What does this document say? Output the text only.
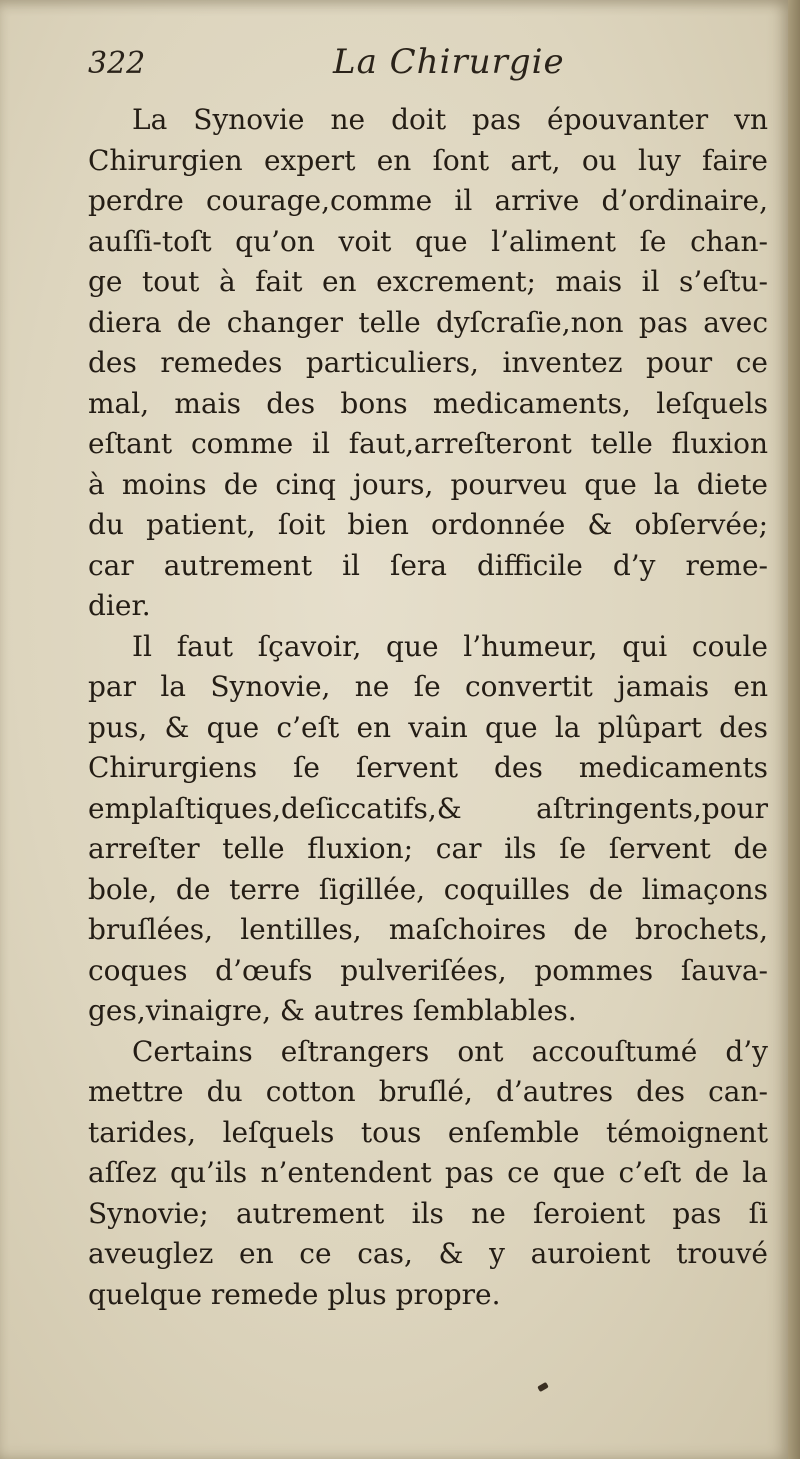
322	La Chirurgie
La Synovie ne doit pas épouvanter vn
Chirurgien expert en ſont art, ou luy faire
perdre courage,comme il arrive d’ordinaire,
auſſi-toſt qu’on voit que l’aliment ſe chan-
ge tout à fait en excrement; mais il s’eſtu-
diera de changer telle dyſcraſie,non pas avec
des remedes particuliers, inventez pour ce
mal, mais des bons medicaments, leſquels
eſtant comme il faut,arreſteront telle fluxion
à moins de cinq jours, pourveu que la diete
du patient, ſoit bien ordonnée & obſervée;
car autrement il ſera difficile d’y reme-
dier.
Il faut ſçavoir, que l’humeur, qui coule
par la Synovie, ne ſe convertit jamais en
pus, & que c’eſt en vain que la plûpart des
Chirurgiens ſe ſervent des medicaments
emplaſtiques,deſiccatifs,& aſtringents,pour
arreſter telle fluxion; car ils ſe ſervent de
bole, de terre ſigillée, coquilles de limaçons
bruſlées, lentilles, maſchoires de brochets,
coques d’œufs pulveriſées, pommes ſauva-
ges,vinaigre, & autres ſemblables.
Certains eſtrangers ont accouſtumé d’y
mettre du cotton bruſlé, d’autres des can-
tarides, leſquels tous enſemble témoignent
aſſez qu’ils n’entendent pas ce que c’eſt de la
Synovie; autrement ils ne ſeroient pas ſi
aveuglez en ce cas, & y auroient trouvé
quelque remede plus propre.
